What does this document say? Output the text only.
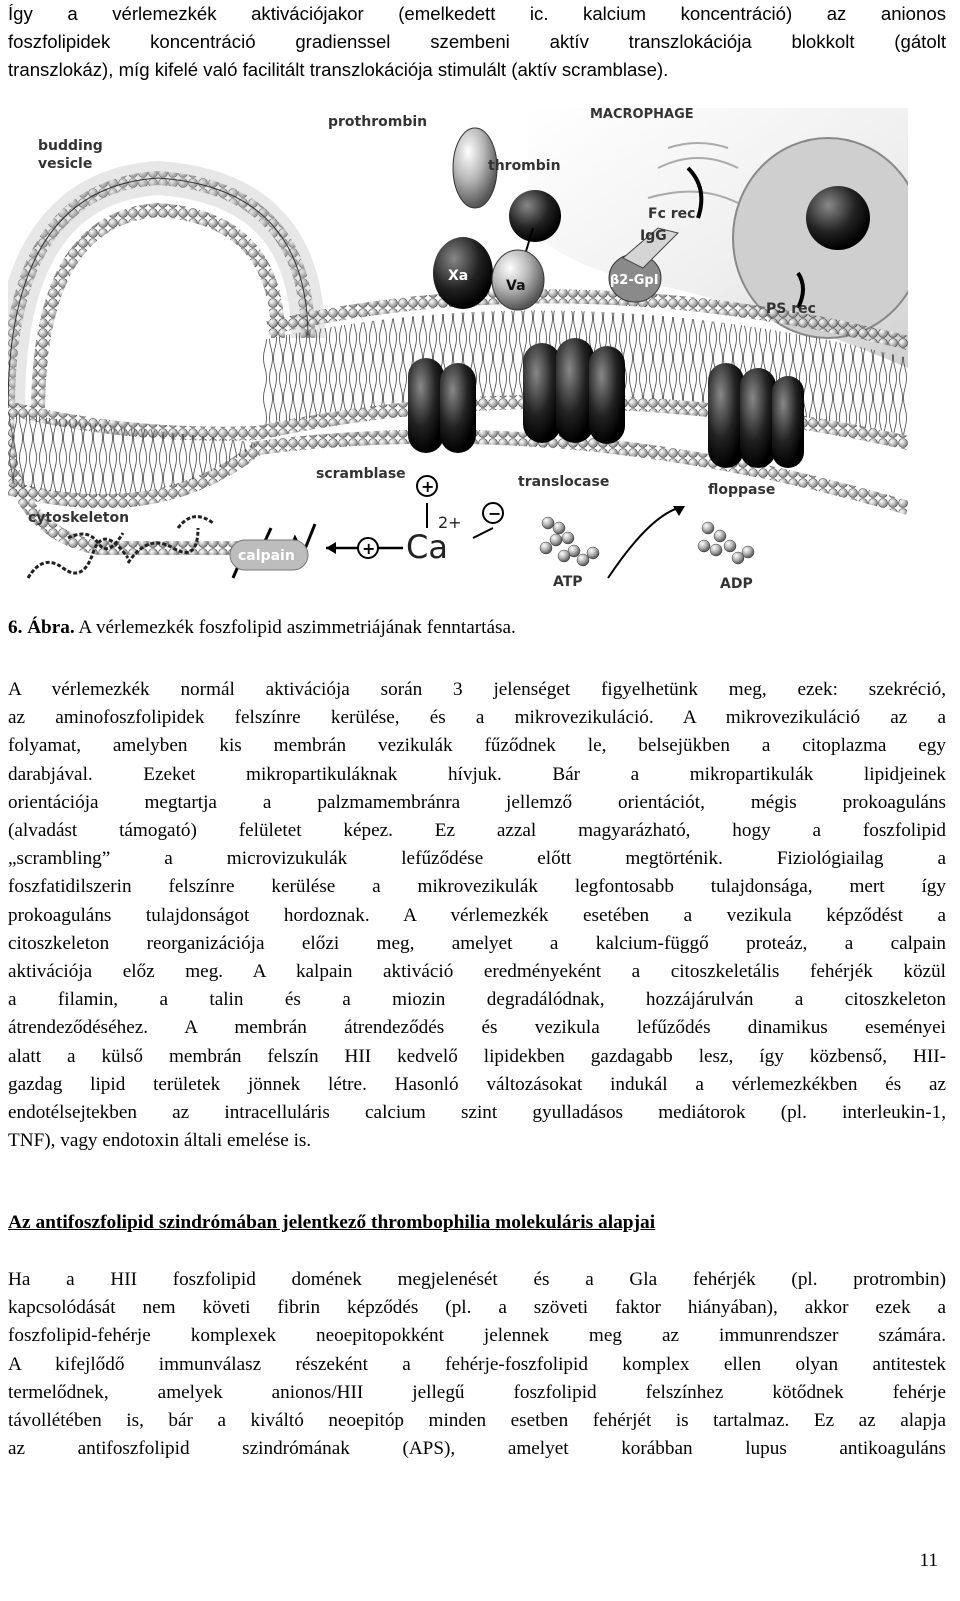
Így a vérlemezkék aktivációjakor (emelkedett ic. kalcium koncentráció) az anionos
foszfolipidek koncentráció gradienssel szembeni aktív transzlokációja blokkolt (gátolt
transzlokáz), míg kifelé való facilitált transzlokációja stimulált (aktív scramblase).
budding
vesicle
prothrombin
thrombin
MACROPHAGE
Fc rec
IgG
Xa
Va	β2-GpI
PS rec
scramblase	translocase	floppase
cytoskeleton
calpain	Ca
2+
ATP	ADP
+
+
−
6. Ábra. A vérlemezkék foszfolipid aszimmetriájának fenntartása.
A vérlemezkék normál aktivációja során 3 jelenséget figyelhetünk meg, ezek: szekréció,
az aminofoszfolipidek felszínre kerülése, és a mikrovezikuláció. A mikrovezikuláció az a
folyamat, amelyben kis membrán vezikulák fűződnek le, belsejükben a citoplazma egy
darabjával. Ezeket mikropartikuláknak hívjuk. Bár a mikropartikulák lipidjeinek
orientációja megtartja a palzmamembránra jellemző orientációt, mégis prokoaguláns
(alvadást támogató) felületet képez. Ez azzal magyarázható, hogy a foszfolipid
„scrambling” a microvizukulák lefűződése előtt megtörténik. Fiziológiailag a
foszfatidilszerin felszínre kerülése a mikrovezikulák legfontosabb tulajdonsága, mert így
prokoaguláns tulajdonságot hordoznak. A vérlemezkék esetében a vezikula képződést a
citoszkeleton reorganizációja előzi meg, amelyet a kalcium-függő proteáz, a calpain
aktivációja előz meg. A kalpain aktiváció eredményeként a citoszkeletális fehérjék közül
a filamin, a talin és a miozin degradálódnak, hozzájárulván a citoszkeleton
átrendeződéséhez. A membrán átrendeződés és vezikula lefűződés dinamikus eseményei
alatt a külső membrán felszín HII kedvelő lipidekben gazdagabb lesz, így közbenső, HII-
gazdag lipid területek jönnek létre. Hasonló változásokat indukál a vérlemezkékben és az
endotélsejtekben az intracelluláris calcium szint gyulladásos mediátorok (pl. interleukin-1,
TNF), vagy endotoxin általi emelése is.
Az antifoszfolipid szindrómában jelentkező thrombophilia molekuláris alapjai
Ha a HII foszfolipid domének megjelenését és a Gla fehérjék (pl. protrombin)
kapcsolódását nem követi fibrin képződés (pl. a szöveti faktor hiányában), akkor ezek a
foszfolipid-fehérje komplexek neoepitopokként jelennek meg az immunrendszer számára.
A kifejlődő immunválasz részeként a fehérje-foszfolipid komplex ellen olyan antitestek
termelődnek, amelyek anionos/HII jellegű foszfolipid felszínhez kötődnek fehérje
távollétében is, bár a kiváltó neoepitóp minden esetben fehérjét is tartalmaz. Ez az alapja
az antifoszfolipid szindrómának (APS), amelyet korábban lupus antikoaguláns
11
